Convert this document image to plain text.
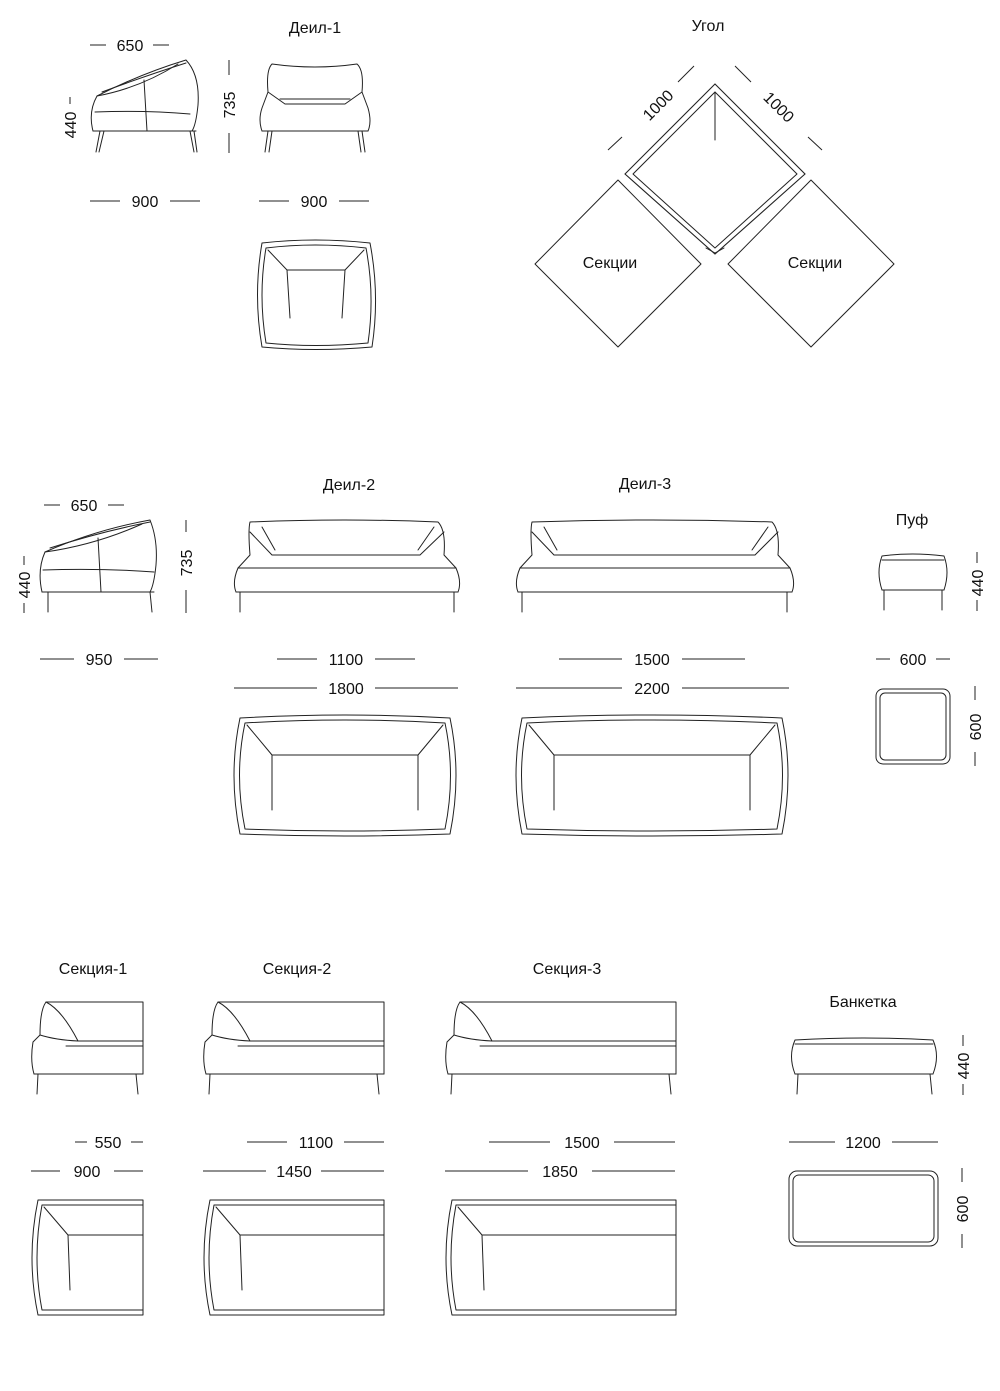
Деил-1	Угол
Деил-2	Деил-3
Пуф
Секция-1	Секция-2	Секция-3
Банкетка
650
440
735
900	900
1000	1000
Секции	Секции
650
440
735
950	1100
1800
1500
2200
440
600
600
550
900
1100
1450
1500
1850
440
1200
600
